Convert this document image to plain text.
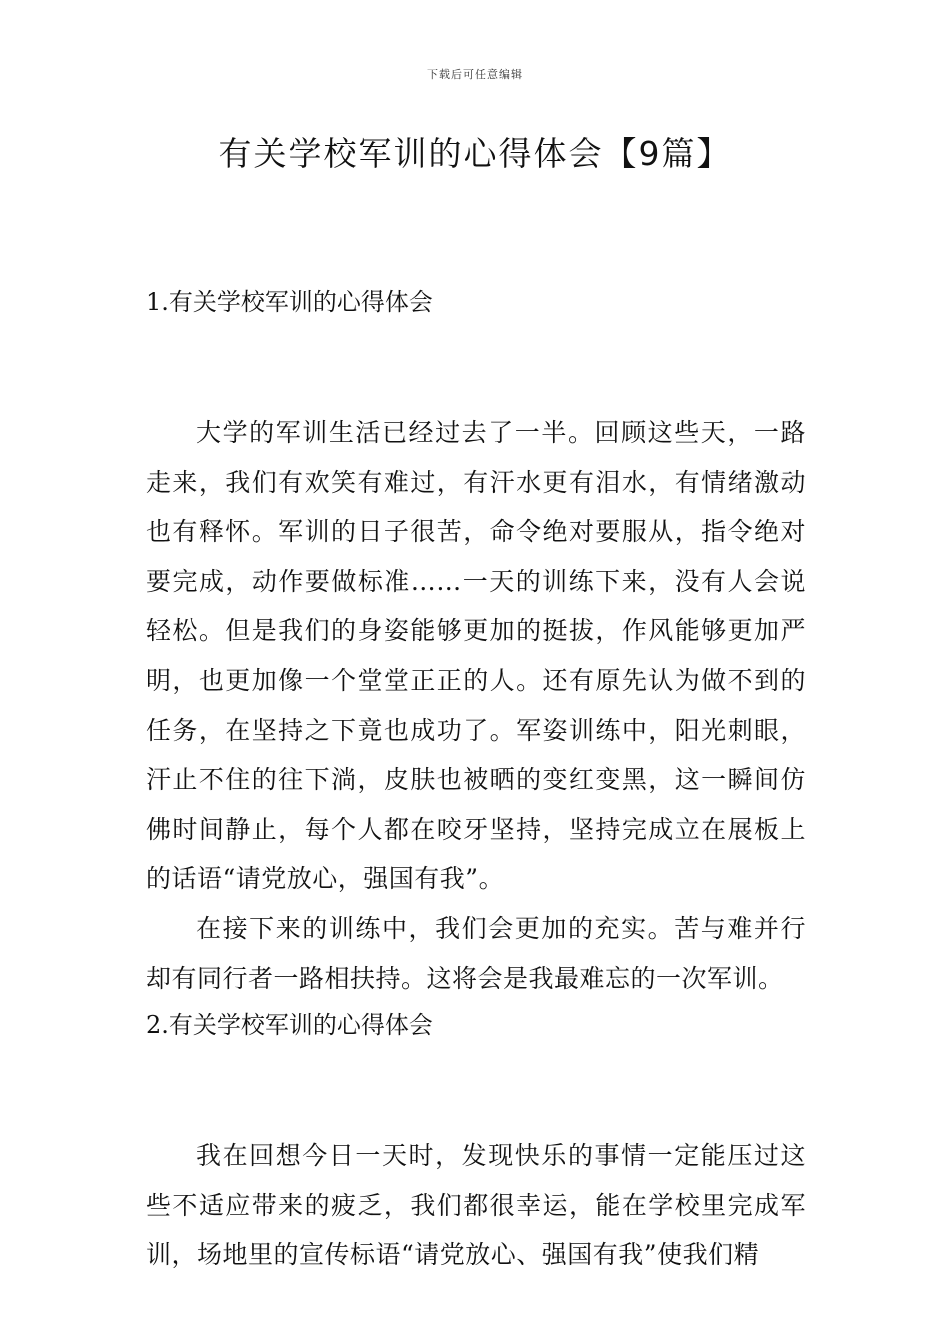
下载后可任意编辑
有关学校军训的心得体会【9篇】

1.有关学校军训的心得体会

大学的军训生活已经过去了一半。回顾这些天，一路走来，我们有欢笑有难过，有汗水更有泪水，有情绪激动也有释怀。军训的日子很苦，命令绝对要服从，指令绝对要完成，动作要做标准……一天的训练下来，没有人会说轻松。但是我们的身姿能够更加的挺拔，作风能够更加严明，也更加像一个堂堂正正的人。还有原先认为做不到的任务，在坚持之下竟也成功了。军姿训练中，阳光刺眼，汗止不住的往下淌，皮肤也被晒的变红变黑，这一瞬间仿佛时间静止，每个人都在咬牙坚持，坚持完成立在展板上的话语“请党放心，强国有我”。

在接下来的训练中，我们会更加的充实。苦与难并行却有同行者一路相扶持。这将会是我最难忘的一次军训。

2.有关学校军训的心得体会

我在回想今日一天时，发现快乐的事情一定能压过这些不适应带来的疲乏，我们都很幸运，能在学校里完成军训，场地里的宣传标语“请党放心、强国有我”使我们精
